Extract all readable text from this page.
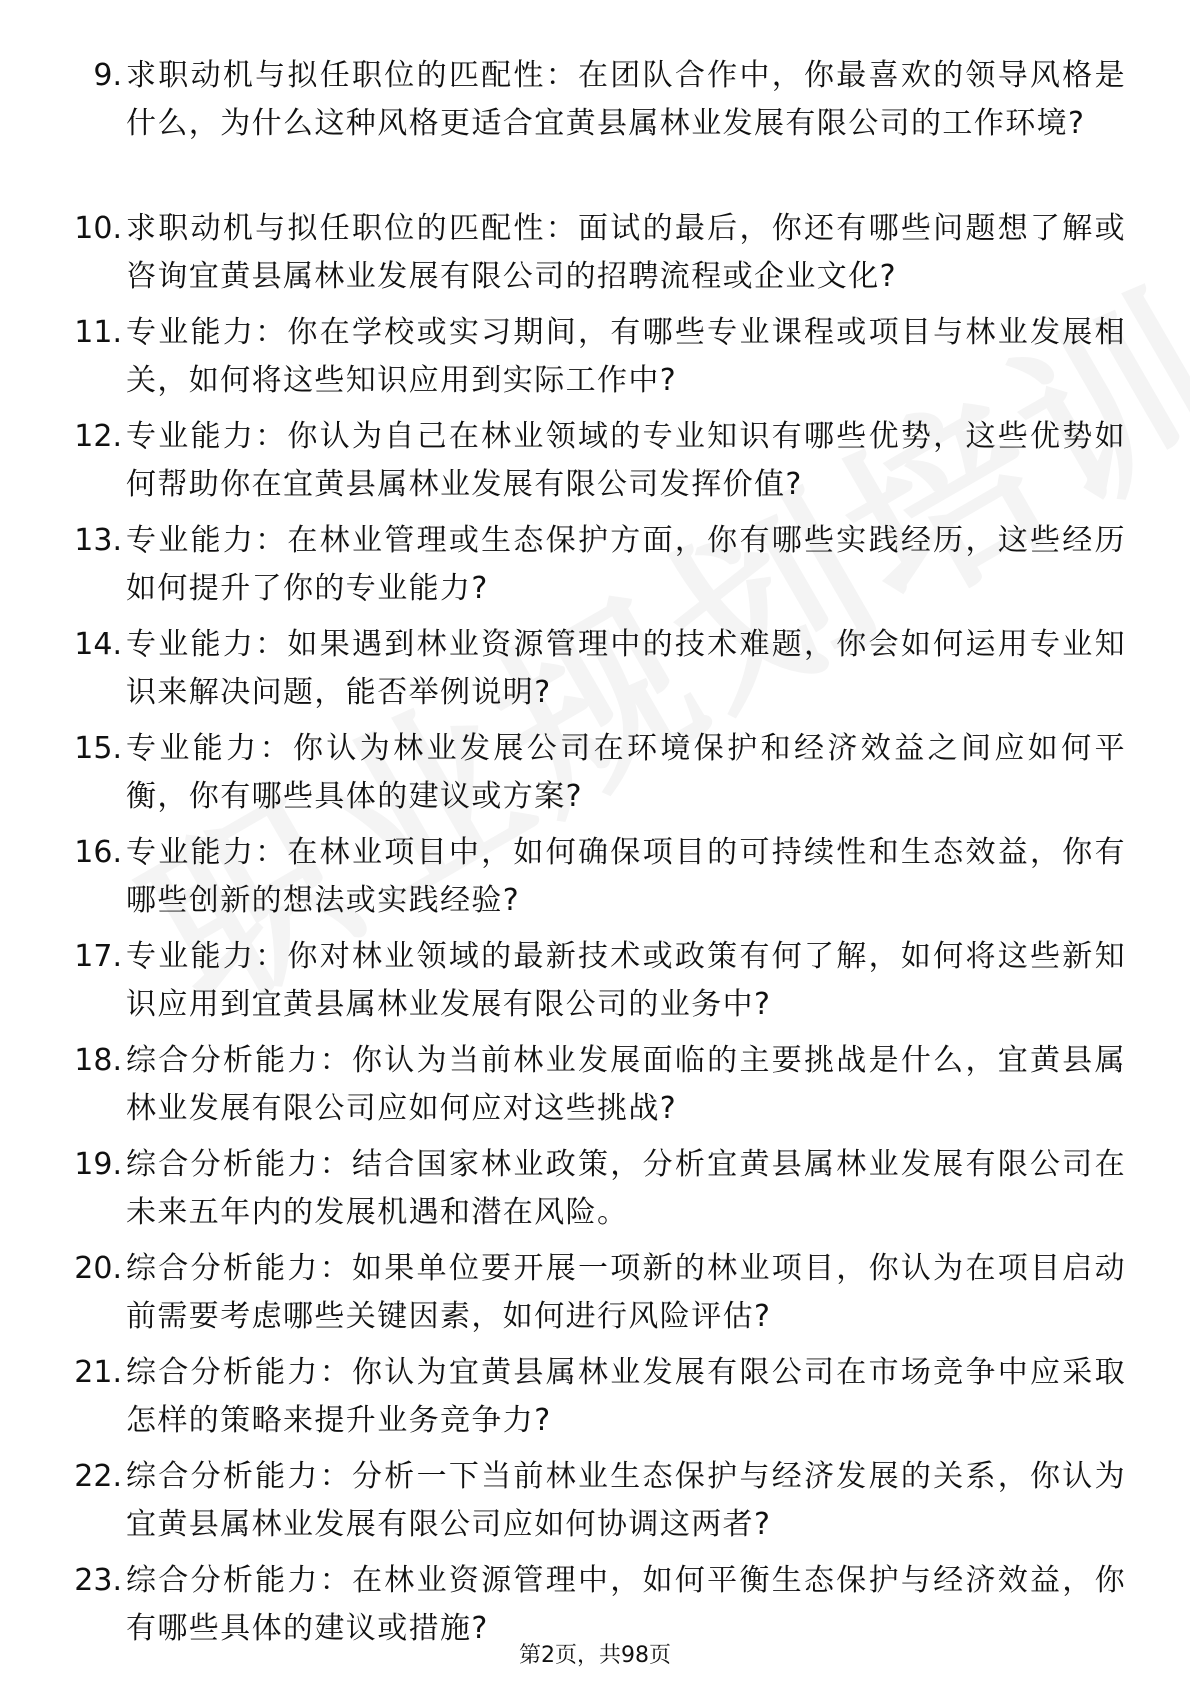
9. 求职动机与拟任职位的匹配性：在团队合作中，你最喜欢的领导风格是什么，为什么这种风格更适合宜黄县属林业发展有限公司的工作环境?
10. 求职动机与拟任职位的匹配性：面试的最后，你还有哪些问题想了解或咨询宜黄县属林业发展有限公司的招聘流程或企业文化?
11. 专业能力：你在学校或实习期间，有哪些专业课程或项目与林业发展相关，如何将这些知识应用到实际工作中?
12. 专业能力：你认为自己在林业领域的专业知识有哪些优势，这些优势如何帮助你在宜黄县属林业发展有限公司发挥价值?
13. 专业能力：在林业管理或生态保护方面，你有哪些实践经历，这些经历如何提升了你的专业能力?
14. 专业能力：如果遇到林业资源管理中的技术难题，你会如何运用专业知识来解决问题，能否举例说明?
15. 专业能力：你认为林业发展公司在环境保护和经济效益之间应如何平衡，你有哪些具体的建议或方案?
16. 专业能力：在林业项目中，如何确保项目的可持续性和生态效益，你有哪些创新的想法或实践经验?
17. 专业能力：你对林业领域的最新技术或政策有何了解，如何将这些新知识应用到宜黄县属林业发展有限公司的业务中?
18. 综合分析能力：你认为当前林业发展面临的主要挑战是什么，宜黄县属林业发展有限公司应如何应对这些挑战?
19. 综合分析能力：结合国家林业政策，分析宜黄县属林业发展有限公司在未来五年内的发展机遇和潜在风险。
20. 综合分析能力：如果单位要开展一项新的林业项目，你认为在项目启动前需要考虑哪些关键因素，如何进行风险评估?
21. 综合分析能力：你认为宜黄县属林业发展有限公司在市场竞争中应采取怎样的策略来提升业务竞争力?
22. 综合分析能力：分析一下当前林业生态保护与经济发展的关系，你认为宜黄县属林业发展有限公司应如何协调这两者?
23. 综合分析能力：在林业资源管理中，如何平衡生态保护与经济效益，你有哪些具体的建议或措施?
第2页，共98页
